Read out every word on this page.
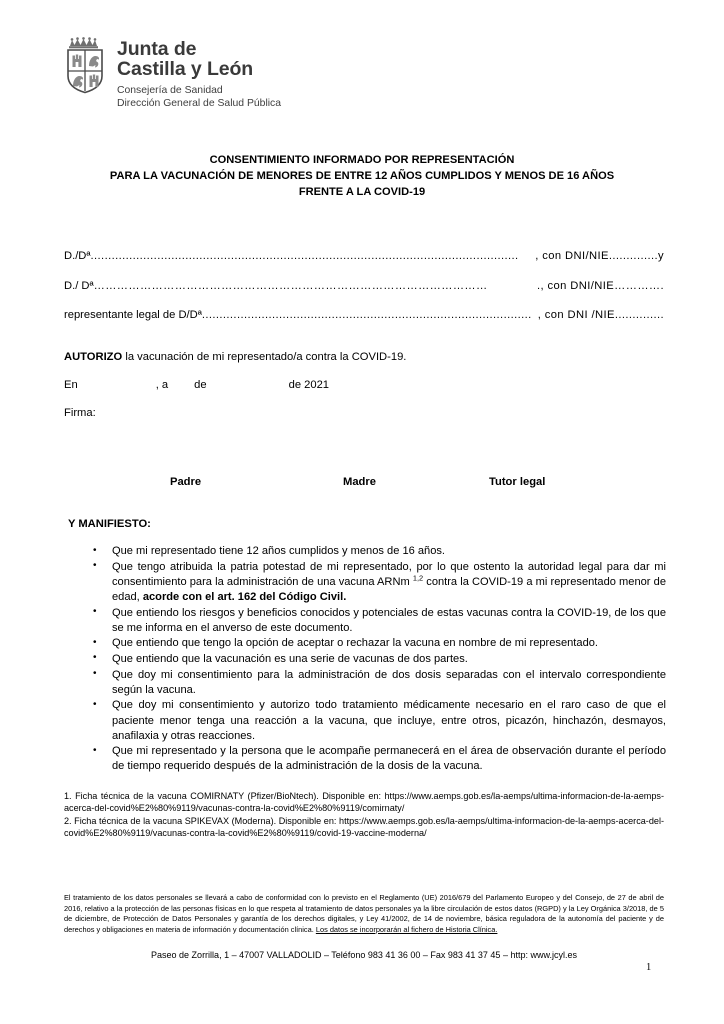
Junta de
Castilla y León
Consejería de Sanidad
Dirección General de Salud Pública
CONSENTIMIENTO INFORMADO POR REPRESENTACIÓN
PARA LA VACUNACIÓN DE MENORES DE ENTRE 12 AÑOS CUMPLIDOS Y MENOS DE 16 AÑOS
FRENTE A LA COVID-19
D./Dª ..........................................................................................................................	, con DNI/NIE .............. y
D./ Dª …………………………………………………………………………………………	., con DNI/NIE ………….
representante legal de D/Dª .............................................................................................. , con DNI /NIE ..............
AUTORIZO la vacunación de mi representado/a contra la COVID-19.
En	, a de	de 2021
Firma:
Padre	Madre	Tutor legal
Y MANIFIESTO:
• Que mi representado tiene 12 años cumplidos y menos de 16 años.
• Que tengo atribuida la patria potestad de mi representado, por lo que ostento la autoridad legal para dar mi consentimiento para la administración de una vacuna ARNm $^{1,2}$ contra la COVID-19 a mi representado menor de edad, acorde con el art. 162 del Código Civil.
• Que entiendo los riesgos y beneficios conocidos y potenciales de estas vacunas contra la COVID-19, de los que se me informa en el anverso de este documento.
• Que entiendo que tengo la opción de aceptar o rechazar la vacuna en nombre de mi representado.
• Que entiendo que la vacunación es una serie de vacunas de dos partes.
• Que doy mi consentimiento para la administración de dos dosis separadas con el intervalo correspondiente según la vacuna.
• Que doy mi consentimiento y autorizo todo tratamiento médicamente necesario en el raro caso de que el paciente menor tenga una reacción a la vacuna, que incluye, entre otros, picazón, hinchazón, desmayos, anafilaxia y otras reacciones.
• Que mi representado y la persona que le acompañe permanecerá en el área de observación durante el período de tiempo requerido después de la administración de la dosis de la vacuna.

1. Ficha técnica de la vacuna COMIRNATY (Pfizer/BioNtech). Disponible en: https://www.aemps.gob.es/la-aemps/ultima-informacion-de-la-aemps-acerca-del-covid%E2%80%9119/vacunas-contra-la-covid%E2%80%9119/comirnaty/

2. Ficha técnica de la vacuna SPIKEVAX (Moderna). Disponible en: https://www.aemps.gob.es/la-aemps/ultima-informacion-de-la-aemps-acerca-del-covid%E2%80%9119/vacunas-contra-la-covid%E2%80%9119/covid-19-vaccine-moderna/

El tratamiento de los datos personales se llevará a cabo de conformidad con lo previsto en el Reglamento (UE) 2016/679 del Parlamento Europeo y del Consejo, de 27 de abril de 2016, relativo a la protección de las personas físicas en lo que respeta al tratamiento de datos personales ya la libre circulación de estos datos (RGPD) y la Ley Orgánica 3/2018, de 5 de diciembre, de Protección de Datos Personales y garantía de los derechos digitales, y Ley 41/2002, de 14 de noviembre, básica reguladora de la autonomía del paciente y de derechos y obligaciones en materia de información y documentación clínica. Los datos se incorporarán al fichero de Historia Clínica.
Paseo de Zorrilla, 1 – 47007 VALLADOLID – Teléfono 983 41 36 00 – Fax 983 41 37 45 – http: www.jcyl.es
1
